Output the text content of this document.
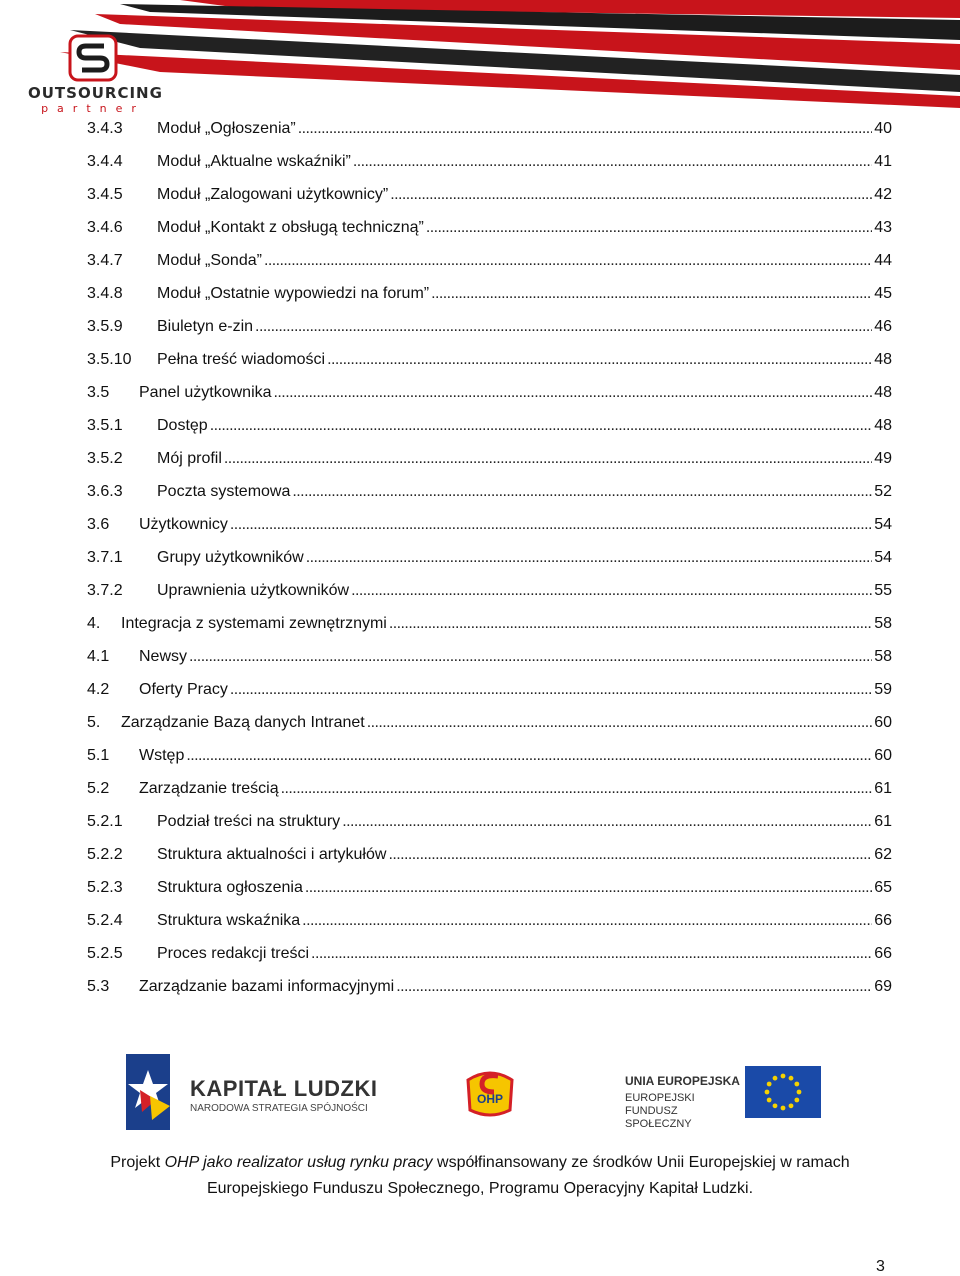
OUTSOURCING
partner
3.4.3	Moduł „Ogłoszenia” . . .	40
3.4.4	Moduł „Aktualne wskaźniki” . . .	41
3.4.5	Moduł „Zalogowani użytkownicy” . . .	42
3.4.6	Moduł „Kontakt z obsługą techniczną” . . .	43
3.4.7	Moduł „Sonda” . . .	44
3.4.8	Moduł „Ostatnie wypowiedzi na forum” . . .	45
3.5.9	Biuletyn e-zin . . .	46
3.5.10	Pełna treść wiadomości . . .	48
3.5	Panel użytkownika . . .	48
3.5.1	Dostęp . . .	48
3.5.2	Mój profil . . .	49
3.6.3	Poczta systemowa . . .	52
3.6	Użytkownicy . . .	54
3.7.1	Grupy użytkowników . . .	54
3.7.2	Uprawnienia użytkowników . . .	55
4.	Integracja z systemami zewnętrznymi . . .	58
4.1	Newsy . . .	58
4.2	Oferty Pracy . . .	59
5.	Zarządzanie Bazą danych Intranet . . .	60
5.1	Wstęp . . .	60
5.2	Zarządzanie treścią . . .	61
5.2.1	Podział treści na struktury . . .	61
5.2.2	Struktura aktualności i artykułów . . .	62
5.2.3	Struktura ogłoszenia . . .	65
5.2.4	Struktura wskaźnika . . .	66
5.2.5	Proces redakcji treści . . .	66
5.3	Zarządzanie bazami informacyjnymi . . .	69
KAPITAŁ LUDZKI
NARODOWA STRATEGIA SPÓJNOŚCI
OHP
UNIA EUROPEJSKA
EUROPEJSKI FUNDUSZ SPOŁECZNY
Projekt OHP jako realizator usług rynku pracy współfinansowany ze środków Unii Europejskiej w ramach
Europejskiego Funduszu Społecznego, Programu Operacyjny Kapitał Ludzki.
3
